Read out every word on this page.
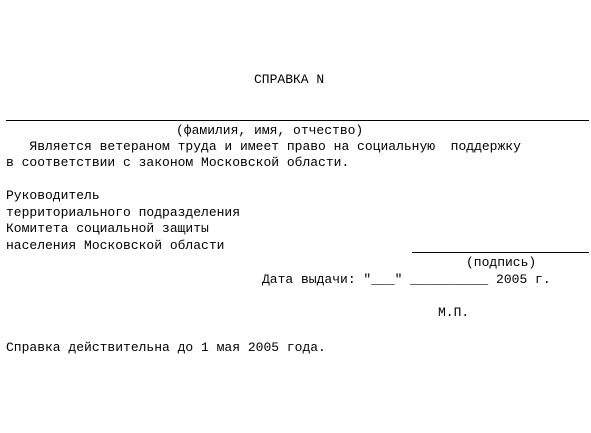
СПРАВКА N
(фамилия, имя, отчество)
Является ветераном труда и имеет право на социальную  поддержку
в соответствии с законом Московской области.
Руководитель
территориального подразделения
Комитета социальной защиты
населения Московской области
(подпись)
Дата выдачи: "___" __________ 2005 г.
М.П.
Справка действительна до 1 мая 2005 года.
